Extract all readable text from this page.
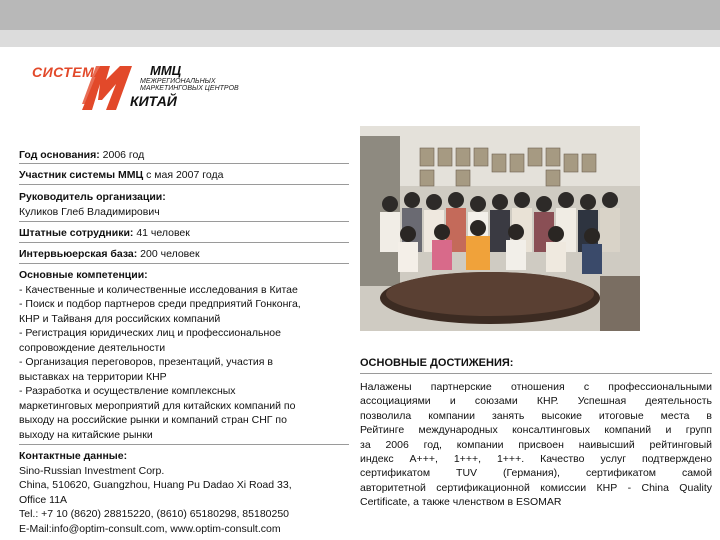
СИСТЕМА	ММЦ
МЕЖРЕГИОНАЛЬНЫХ
МАРКЕТИНГОВЫХ ЦЕНТРОВ
КИТАЙ
Год основания: 2006 год
Участник системы ММЦ с мая 2007 года
Руководитель организации:
Куликов Глеб Владимирович
Штатные сотрудники: 41 человек
Интервьюерская база: 200 человек
Основные компетенции:
- Качественные и количественные исследования в Китае
- Поиск и подбор партнеров среди предприятий Гонконга,
КНР и Тайваня для российских компаний
- Регистрация юридических лиц и профессиональное
сопровождение деятельности
- Организация переговоров, презентаций, участия в
выставках на территории КНР
- Разработка и осуществление комплексных
маркетинговых мероприятий для китайских компаний по
выходу на российские рынки и компаний стран СНГ по
выходу на китайские рынки
Контактные данные:
Sino-Russian Investment Corp.
China, 510620, Guangzhou, Huang Pu Dadao Xi Road 33,
Office 11A
Tel.: +7 10 (8620) 28815220, (8610) 65180298, 85180250
E-Mail:info@optim-consult.com, www.optim-consult.com
ОСНОВНЫЕ ДОСТИЖЕНИЯ:
Налажены партнерские отношения с профессиональными
ассоциациями и союзами КНР. Успешная деятельность
позволила компании занять высокие итоговые места в
Рейтинге международных консалтинговых компаний и групп
за 2006 год, компании присвоен наивысший рейтинговый
индекс А+++, 1+++, 1+++. Качество услуг подтверждено
сертификатом TUV (Германия), сертификатом самой
авторитетной сертификационной комиссии КНР - China Quality
Certificate, а также членством в ESOMAR
